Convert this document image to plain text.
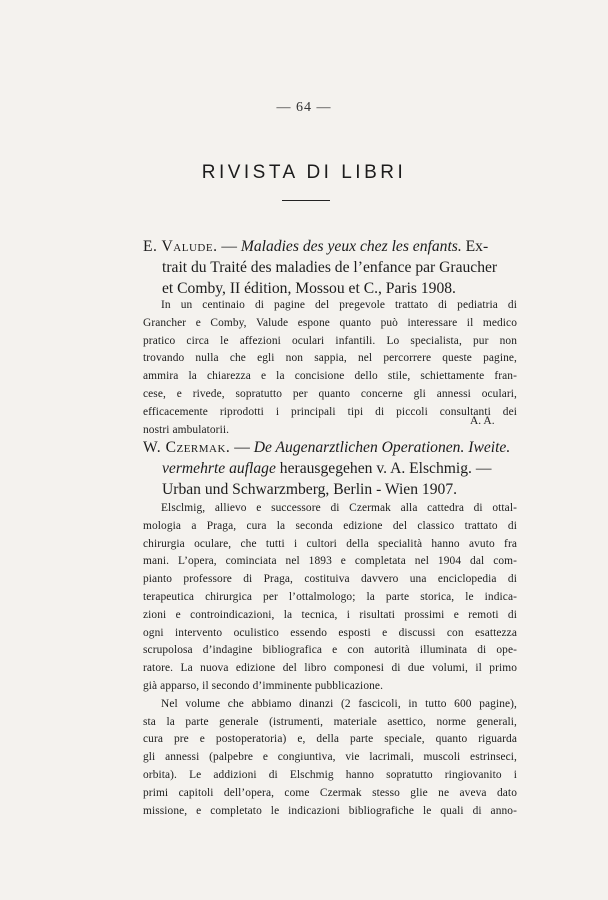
— 64 —
RIVISTA DI LIBRI
E. Valude. — Maladies des yeux chez les enfants. Ex-
trait du Traité des maladies de l’enfance par Graucher
et Comby, II édition, Mossou et C., Paris 1908.
In un centinaio di pagine del pregevole trattato di pediatria di
Grancher e Comby, Valude espone quanto può interessare il medico
pratico circa le affezioni oculari infantili. Lo specialista, pur non
trovando nulla che egli non sappia, nel percorrere queste pagine,
ammira la chiarezza e la concisione dello stile, schiettamente fran-
cese, e rivede, sopratutto per quanto concerne gli annessi oculari,
efficacemente riprodotti i principali tipi di piccoli consultanti dei
nostri ambulatorii.
A. A.
W. Czermak. — De Augenarztlichen Operationen. Iweite.
vermehrte auflage herausgegehen v. A. Elschmig. —
Urban und Schwarzmberg, Berlin - Wien 1907.
Elsclmig, allievo e successore di Czermak alla cattedra di ottal-
mologia a Praga, cura la seconda edizione del classico trattato di
chirurgia oculare, che tutti i cultori della specialità hanno avuto fra
mani. L’opera, cominciata nel 1893 e completata nel 1904 dal com-
pianto professore di Praga, costituiva davvero una enciclopedia di
terapeutica chirurgica per l’ottalmologo; la parte storica, le indica-
zioni e controindicazioni, la tecnica, i risultati prossimi e remoti di
ogni intervento oculistico essendo esposti e discussi con esattezza
scrupolosa d’indagine bibliografica e con autorità illuminata di ope-
ratore. La nuova edizione del libro componesi di due volumi, il primo
già apparso, il secondo d’imminente pubblicazione.
Nel volume che abbiamo dinanzi (2 fascicoli, in tutto 600 pagine),
sta la parte generale (istrumenti, materiale asettico, norme generali,
cura pre e postoperatoria) e, della parte speciale, quanto riguarda
gli annessi (palpebre e congiuntiva, vie lacrimali, muscoli estrinseci,
orbita). Le addizioni di Elschmig hanno sopratutto ringiovanito i
primi capitoli dell’opera, come Czermak stesso glie ne aveva dato
missione, e completato le indicazioni bibliografiche le quali di anno-
